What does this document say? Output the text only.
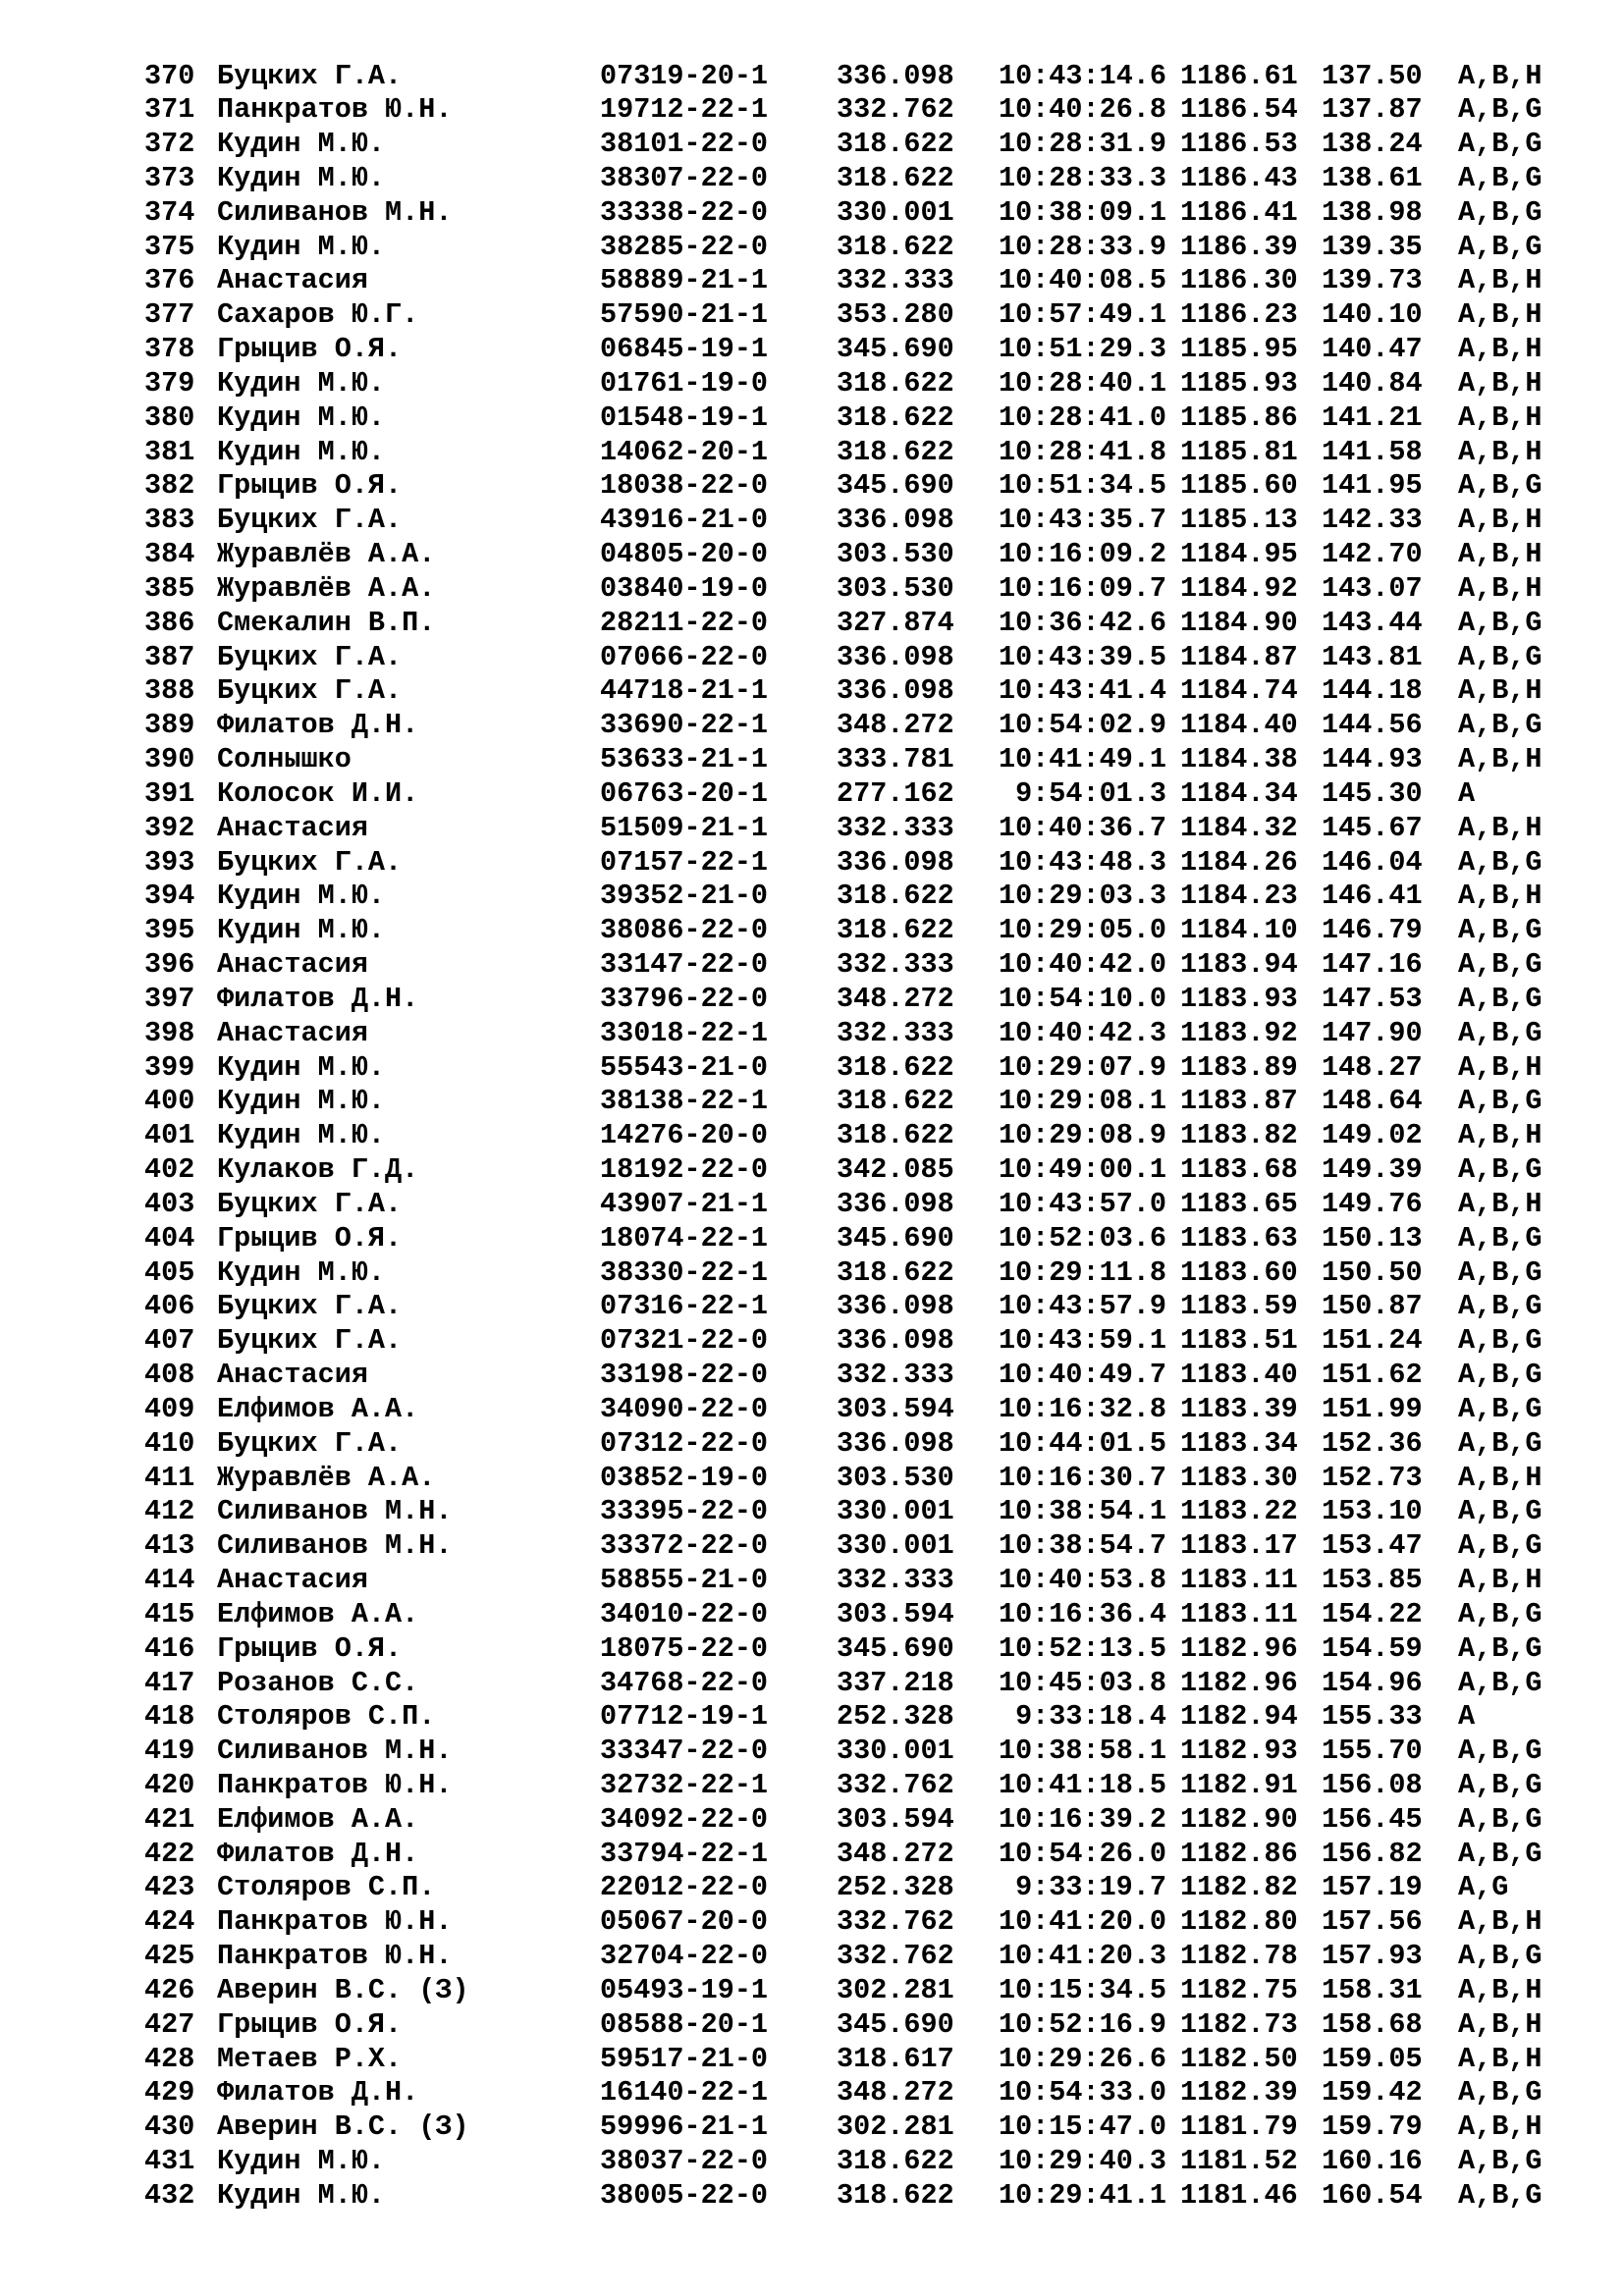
370 Буцких Г.А.	07319-20-1 336.098	10:43:14.6 1186.61 137.50 A,B,H
371 Панкратов Ю.Н.	19712-22-1 332.762	10:40:26.8 1186.54 137.87 A,B,G
372 Кудин М.Ю.	38101-22-0 318.622	10:28:31.9 1186.53 138.24 A,B,G
373 Кудин М.Ю.	38307-22-0 318.622	10:28:33.3 1186.43 138.61 A,B,G
374 Силиванов М.Н.	33338-22-0 330.001	10:38:09.1 1186.41 138.98 A,B,G
375 Кудин М.Ю.	38285-22-0 318.622	10:28:33.9 1186.39 139.35 A,B,G
376 Анастасия	58889-21-1 332.333	10:40:08.5 1186.30 139.73 A,B,H
377 Сахаров Ю.Г.	57590-21-1 353.280	10:57:49.1 1186.23 140.10 A,B,H
378 Грыцив О.Я.	06845-19-1 345.690	10:51:29.3 1185.95 140.47 A,B,H
379 Кудин М.Ю.	01761-19-0 318.622	10:28:40.1 1185.93 140.84 A,B,H
380 Кудин М.Ю.	01548-19-1 318.622	10:28:41.0 1185.86 141.21 A,B,H
381 Кудин М.Ю.	14062-20-1 318.622	10:28:41.8 1185.81 141.58 A,B,H
382 Грыцив О.Я.	18038-22-0 345.690	10:51:34.5 1185.60 141.95 A,B,G
383 Буцких Г.А.	43916-21-0 336.098	10:43:35.7 1185.13 142.33 A,B,H
384 Журавлёв А.А.	04805-20-0 303.530	10:16:09.2 1184.95 142.70 A,B,H
385 Журавлёв А.А.	03840-19-0 303.530	10:16:09.7 1184.92 143.07 A,B,H
386 Смекалин В.П.	28211-22-0 327.874	10:36:42.6 1184.90 143.44 A,B,G
387 Буцких Г.А.	07066-22-0 336.098	10:43:39.5 1184.87 143.81 A,B,G
388 Буцких Г.А.	44718-21-1 336.098	10:43:41.4 1184.74 144.18 A,B,H
389 Филатов Д.Н.	33690-22-1 348.272	10:54:02.9 1184.40 144.56 A,B,G
390 Солнышко	53633-21-1 333.781	10:41:49.1 1184.38 144.93 A,B,H
391 Колосок И.И.	06763-20-1 277.162	9:54:01.3 1184.34 145.30 A
392 Анастасия	51509-21-1 332.333	10:40:36.7 1184.32 145.67 A,B,H
393 Буцких Г.А.	07157-22-1 336.098	10:43:48.3 1184.26 146.04 A,B,G
394 Кудин М.Ю.	39352-21-0 318.622	10:29:03.3 1184.23 146.41 A,B,H
395 Кудин М.Ю.	38086-22-0 318.622	10:29:05.0 1184.10 146.79 A,B,G
396 Анастасия	33147-22-0 332.333	10:40:42.0 1183.94 147.16 A,B,G
397 Филатов Д.Н.	33796-22-0 348.272	10:54:10.0 1183.93 147.53 A,B,G
398 Анастасия	33018-22-1 332.333	10:40:42.3 1183.92 147.90 A,B,G
399 Кудин М.Ю.	55543-21-0 318.622	10:29:07.9 1183.89 148.27 A,B,H
400 Кудин М.Ю.	38138-22-1 318.622	10:29:08.1 1183.87 148.64 A,B,G
401 Кудин М.Ю.	14276-20-0 318.622	10:29:08.9 1183.82 149.02 A,B,H
402 Кулаков Г.Д.	18192-22-0 342.085	10:49:00.1 1183.68 149.39 A,B,G
403 Буцких Г.А.	43907-21-1 336.098	10:43:57.0 1183.65 149.76 A,B,H
404 Грыцив О.Я.	18074-22-1 345.690	10:52:03.6 1183.63 150.13 A,B,G
405 Кудин М.Ю.	38330-22-1 318.622	10:29:11.8 1183.60 150.50 A,B,G
406 Буцких Г.А.	07316-22-1 336.098	10:43:57.9 1183.59 150.87 A,B,G
407 Буцких Г.А.	07321-22-0 336.098	10:43:59.1 1183.51 151.24 A,B,G
408 Анастасия	33198-22-0 332.333	10:40:49.7 1183.40 151.62 A,B,G
409 Елфимов А.А.	34090-22-0 303.594	10:16:32.8 1183.39 151.99 A,B,G
410 Буцких Г.А.	07312-22-0 336.098	10:44:01.5 1183.34 152.36 A,B,G
411 Журавлёв А.А.	03852-19-0 303.530	10:16:30.7 1183.30 152.73 A,B,H
412 Силиванов М.Н.	33395-22-0 330.001	10:38:54.1 1183.22 153.10 A,B,G
413 Силиванов М.Н.	33372-22-0 330.001	10:38:54.7 1183.17 153.47 A,B,G
414 Анастасия	58855-21-0 332.333	10:40:53.8 1183.11 153.85 A,B,H
415 Елфимов А.А.	34010-22-0 303.594	10:16:36.4 1183.11 154.22 A,B,G
416 Грыцив О.Я.	18075-22-0 345.690	10:52:13.5 1182.96 154.59 A,B,G
417 Розанов С.С.	34768-22-0 337.218	10:45:03.8 1182.96 154.96 A,B,G
418 Столяров С.П.	07712-19-1 252.328	9:33:18.4 1182.94 155.33 A
419 Силиванов М.Н.	33347-22-0 330.001	10:38:58.1 1182.93 155.70 A,B,G
420 Панкратов Ю.Н.	32732-22-1 332.762	10:41:18.5 1182.91 156.08 A,B,G
421 Елфимов А.А.	34092-22-0 303.594	10:16:39.2 1182.90 156.45 A,B,G
422 Филатов Д.Н.	33794-22-1 348.272	10:54:26.0 1182.86 156.82 A,B,G
423 Столяров С.П.	22012-22-0 252.328	9:33:19.7 1182.82 157.19 A,G
424 Панкратов Ю.Н.	05067-20-0 332.762	10:41:20.0 1182.80 157.56 A,B,H
425 Панкратов Ю.Н.	32704-22-0 332.762	10:41:20.3 1182.78 157.93 A,B,G
426 Аверин В.С. (З)	05493-19-1 302.281	10:15:34.5 1182.75 158.31 A,B,H
427 Грыцив О.Я.	08588-20-1 345.690	10:52:16.9 1182.73 158.68 A,B,H
428 Метаев Р.Х.	59517-21-0 318.617	10:29:26.6 1182.50 159.05 A,B,H
429 Филатов Д.Н.	16140-22-1 348.272	10:54:33.0 1182.39 159.42 A,B,G
430 Аверин В.С. (З)	59996-21-1 302.281	10:15:47.0 1181.79 159.79 A,B,H
431 Кудин М.Ю.	38037-22-0 318.622	10:29:40.3 1181.52 160.16 A,B,G
432 Кудин М.Ю.	38005-22-0 318.622	10:29:41.1 1181.46 160.54 A,B,G
